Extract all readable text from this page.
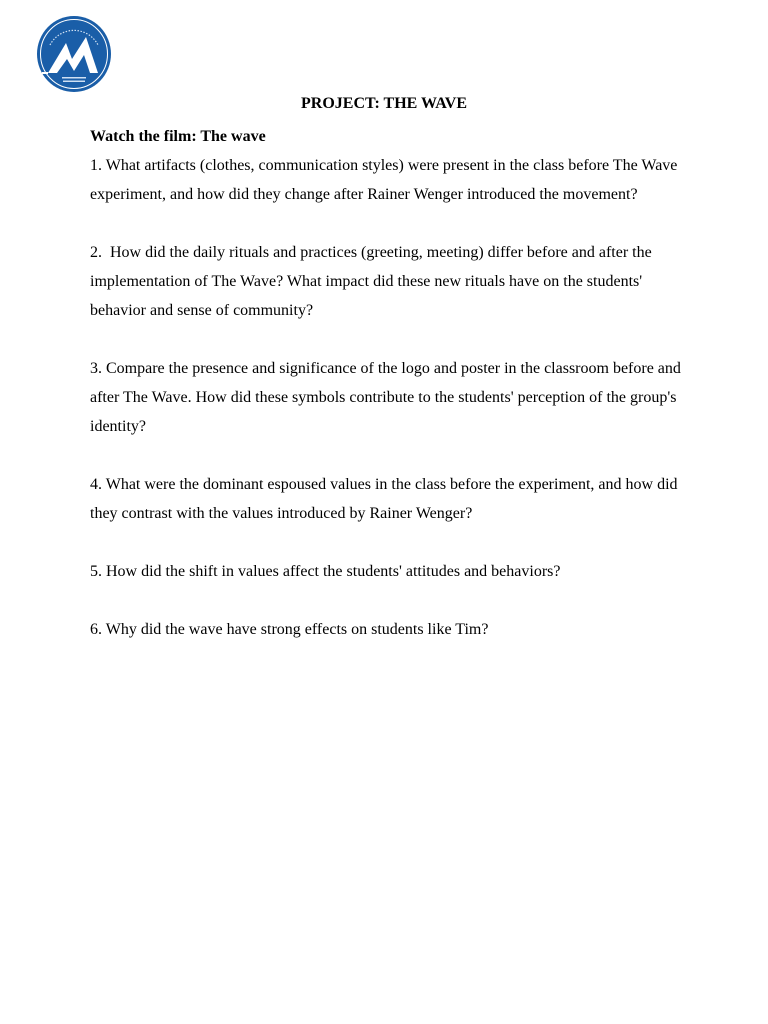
PROJECT: THE WAVE

Watch the film: The wave

1. What artifacts (clothes, communication styles) were present in the class before The Wave experiment, and how did they change after Rainer Wenger introduced the movement?

2.  How did the daily rituals and practices (greeting, meeting) differ before and after the implementation of The Wave? What impact did these new rituals have on the students' behavior and sense of community?

3. Compare the presence and significance of the logo and poster in the classroom before and after The Wave. How did these symbols contribute to the students' perception of the group's identity?

4. What were the dominant espoused values in the class before the experiment, and how did they contrast with the values introduced by Rainer Wenger?

5. How did the shift in values affect the students' attitudes and behaviors?

6. Why did the wave have strong effects on students like Tim?
